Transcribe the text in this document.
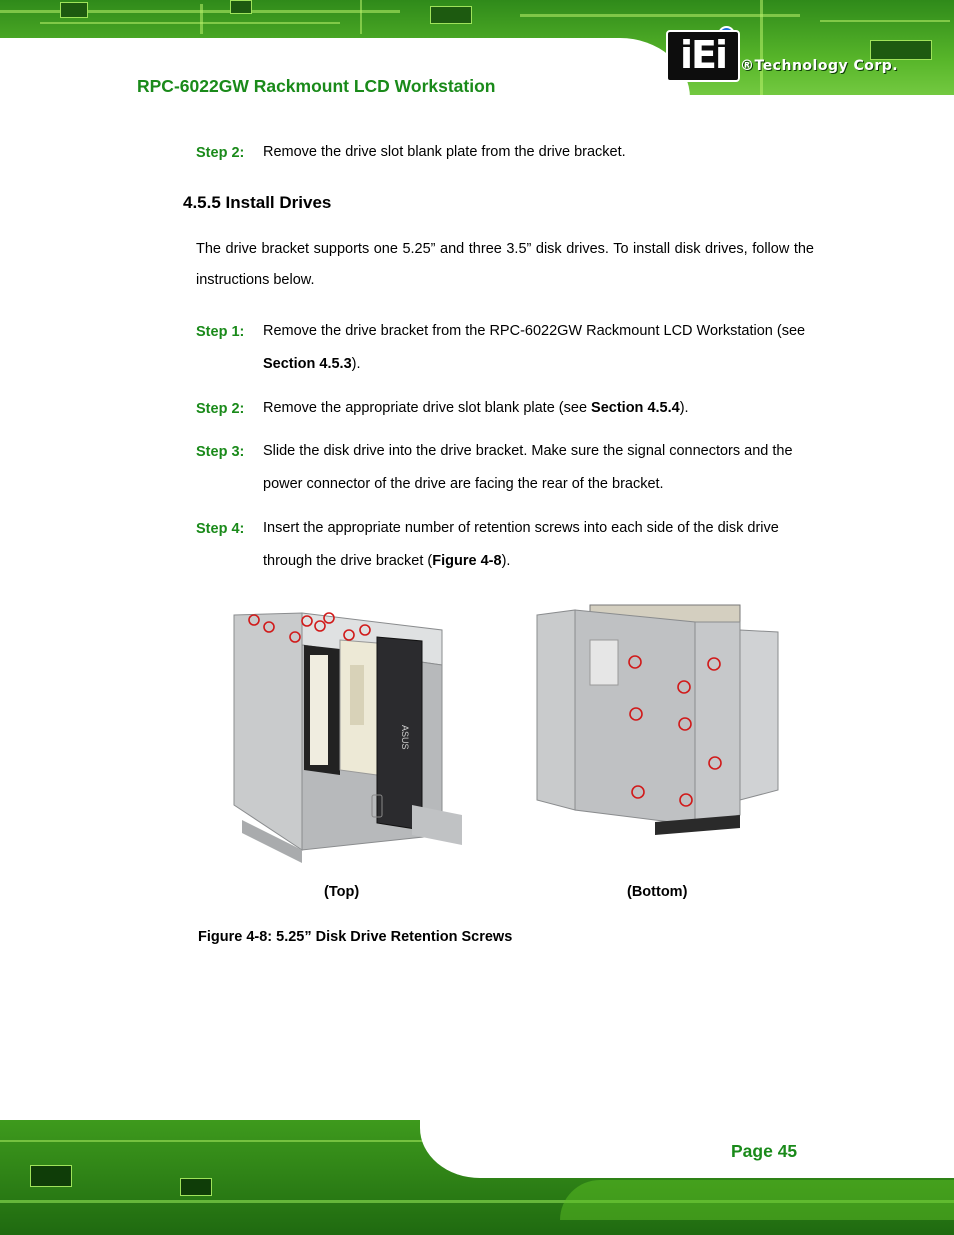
RPC-6022GW Rackmount LCD Workstation
iEi	®Technology Corp.
Step 2: Remove the drive slot blank plate from the drive bracket.
4.5.5 Install Drives
The drive bracket supports one 5.25” and three 3.5” disk drives. To install disk drives, follow the instructions below.
Step 1: Remove the drive bracket from the RPC-6022GW Rackmount LCD Workstation (see Section 4.5.3).
Step 2: Remove the appropriate drive slot blank plate (see Section 4.5.4).
Step 3: Slide the disk drive into the drive bracket. Make sure the signal connectors and the power connector of the drive are facing the rear of the bracket.
Step 4: Insert the appropriate number of retention screws into each side of the disk drive through the drive bracket (Figure 4-8).
ASUS
(Top)	(Bottom)
Figure 4-8: 5.25” Disk Drive Retention Screws
Page 45
